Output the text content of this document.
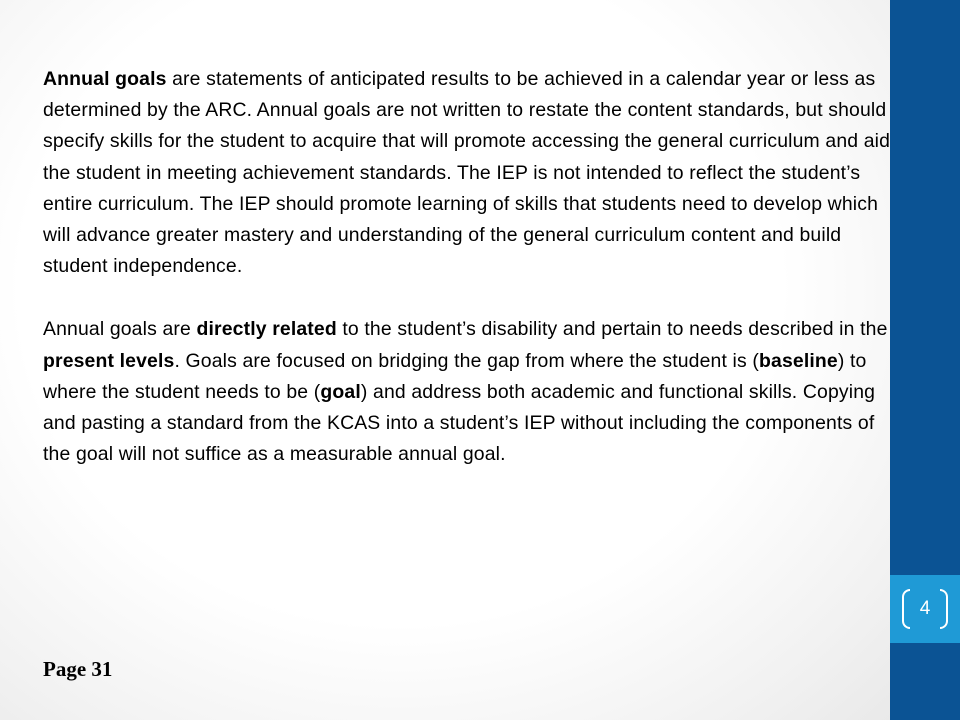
Annual goals are statements of anticipated results to be achieved in a calendar year or less as determined by the ARC. Annual goals are not written to restate the content standards, but should specify skills for the student to acquire that will promote accessing the general curriculum and aid the student in meeting achievement standards. The IEP is not intended to reflect the student’s entire curriculum. The IEP should promote learning of skills that students need to develop which will advance greater mastery and understanding of the general curriculum content and build student independence.

Annual goals are directly related to the student’s disability and pertain to needs described in the present levels. Goals are focused on bridging the gap from where the student is (baseline) to where the student needs to be (goal) and address both academic and functional skills. Copying and pasting a standard from the KCAS into a student’s IEP without including the components of the goal will not suffice as a measurable annual goal.

Page 31
4
